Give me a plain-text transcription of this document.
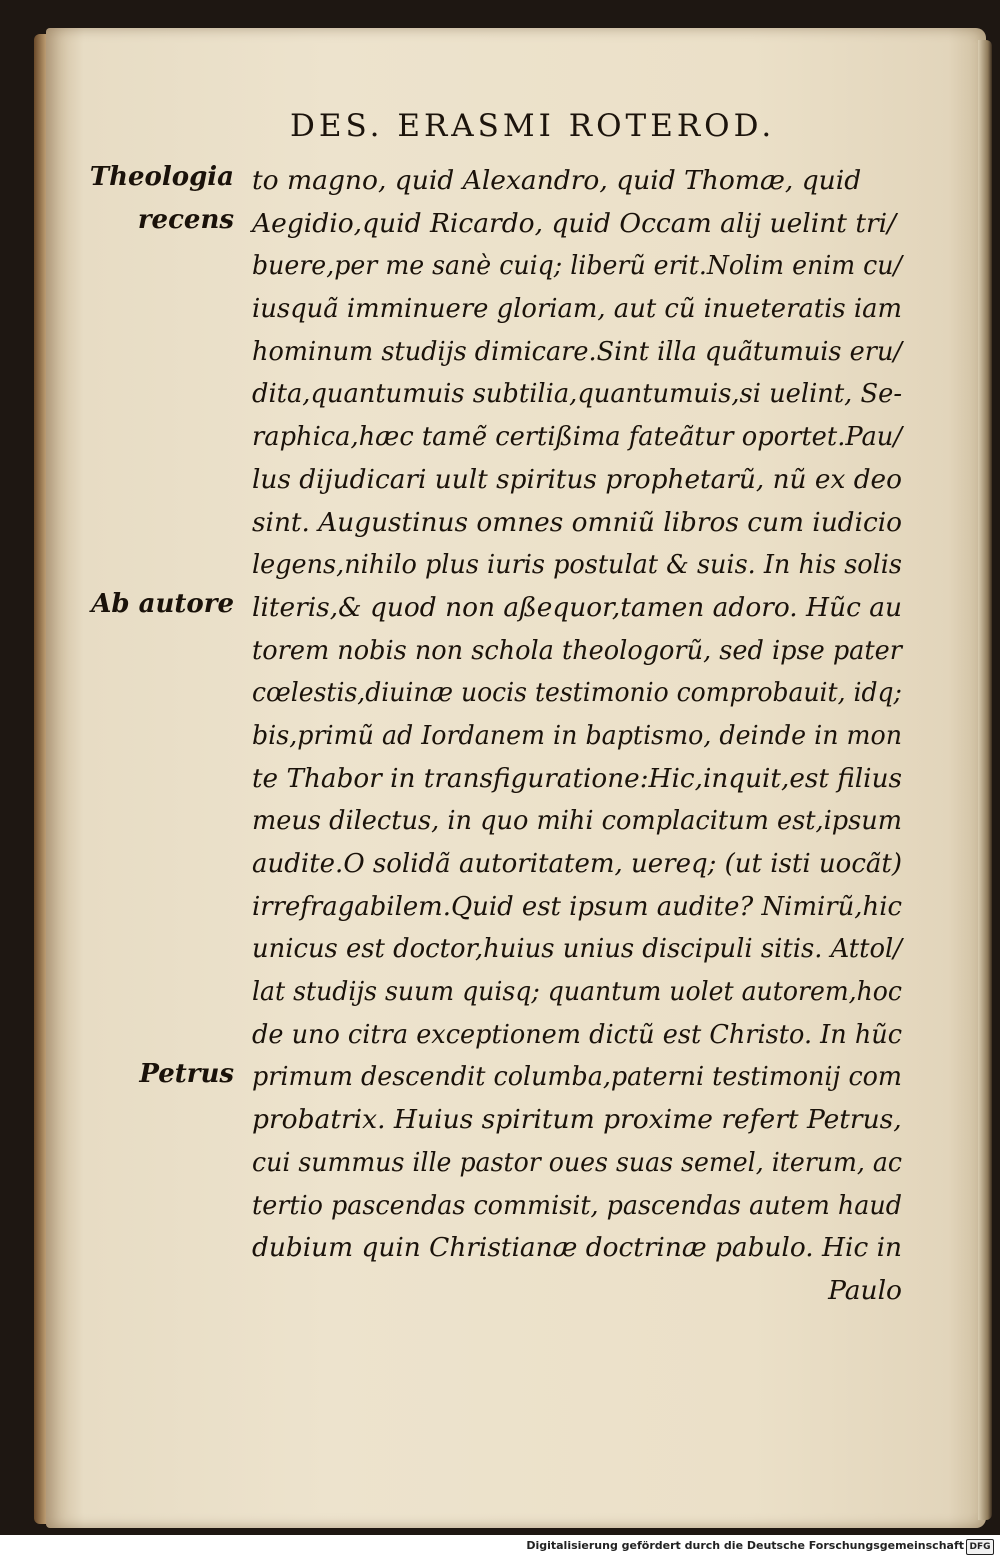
DES. ERASMI ROTEROD.
Theologia
recens
Ab autore
Petrus
to magno, quid Alexandro, quid Thomæ, quid
Aegidio,quid Ricardo, quid Occam alij uelint tri/
buere,per me sanè cuiq; liberũ erit.Nolim enim cu/
iusquã imminuere gloriam, aut cũ inueteratis iam
hominum studijs dimicare.Sint illa quãtumuis eru/
dita,quantumuis subtilia,quantumuis,si uelint, Se-
raphica,hæc tamẽ certißima fateãtur oportet.Pau/
lus dijudicari uult spiritus prophetarũ, nũ ex deo
sint. Augustinus omnes omniũ libros cum iudicio
legens,nihilo plus iuris postulat & suis. In his solis
literis,& quod non aßequor,tamen adoro. Hũc au
torem nobis non schola theologorũ, sed ipse pater
cœlestis,diuinæ uocis testimonio comprobauit, idq;
bis,primũ ad Iordanem in baptismo, deinde in mon
te Thabor in transfiguratione:Hic,inquit,est filius
meus dilectus, in quo mihi complacitum est,ipsum
audite.O solidã autoritatem, uereq; (ut isti uocãt)
irrefragabilem.Quid est ipsum audite? Nimirũ,hic
unicus est doctor,huius unius discipuli sitis. Attol/
lat studijs suum quisq; quantum uolet autorem,hoc
de uno citra exceptionem dictũ est Christo. In hũc
primum descendit columba,paterni testimonij com
probatrix. Huius spiritum proxime refert Petrus,
cui summus ille pastor oues suas semel, iterum, ac
tertio pascendas commisit, pascendas autem haud
dubium quin Christianæ doctrinæ pabulo. Hic in
Paulo
Digitalisierung gefördert durch die Deutsche Forschungsgemeinschaft DFG
